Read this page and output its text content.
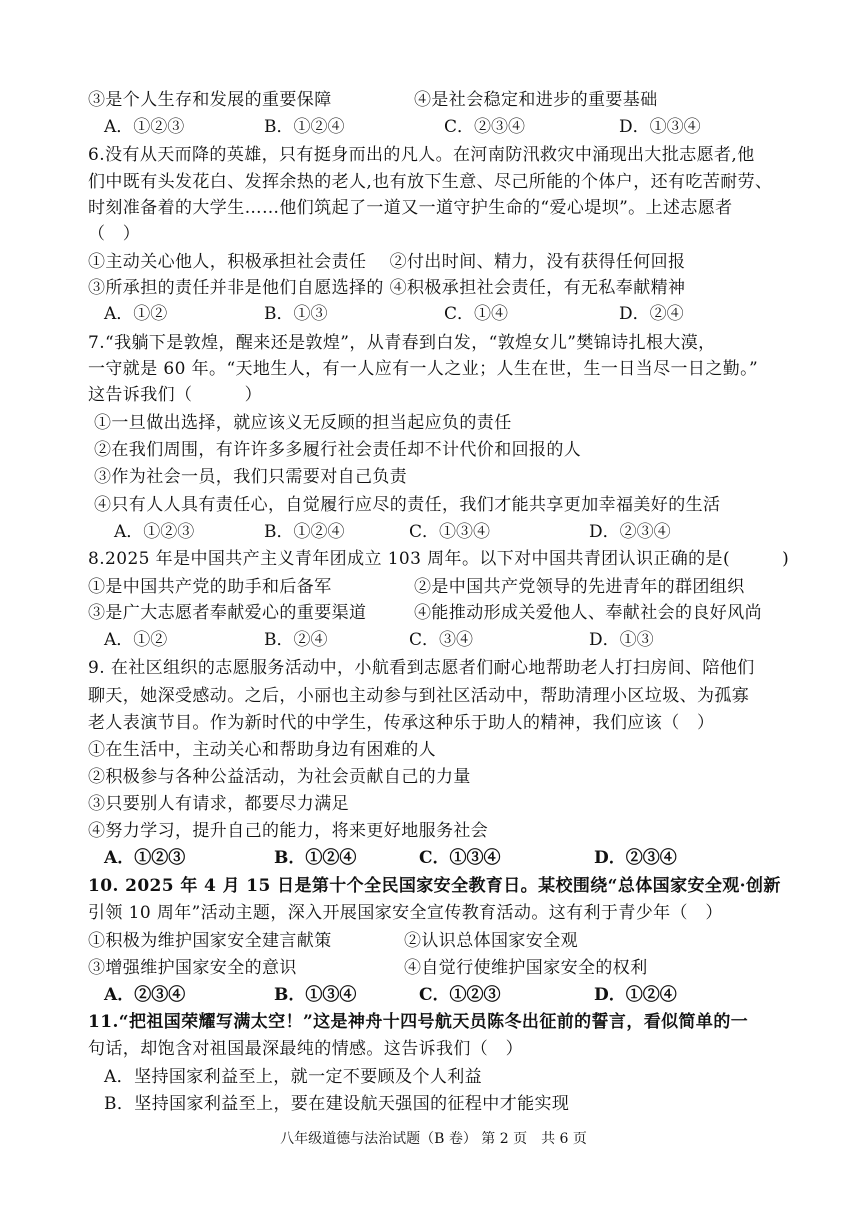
③是个人生存和发展的重要保障	④是社会稳定和进步的重要基础
A．①②③	B．①②④	C．②③④	D．①③④
6.没有从天而降的英雄，只有挺身而出的凡人。在河南防汛救灾中涌现出大批志愿者,他
们中既有头发花白、发挥余热的老人,也有放下生意、尽己所能的个体户，还有吃苦耐劳、
时刻准备着的大学生……他们筑起了一道又一道守护生命的“爱心堤坝”。上述志愿者
（　）
①主动关心他人，积极承担社会责任　 ②付出时间、精力，没有获得任何回报
③所承担的责任并非是他们自愿选择的 ④积极承担社会责任，有无私奉献精神
A．①②	B．①③	C．①④	D．②④
7.“我躺下是敦煌，醒来还是敦煌”，从青春到白发，“敦煌女儿”樊锦诗扎根大漠，
一守就是 60 年。“天地生人，有一人应有一人之业；人生在世，生一日当尽一日之勤。”
这告诉我们（　　　）
①一旦做出选择，就应该义无反顾的担当起应负的责任
②在我们周围，有许许多多履行社会责任却不计代价和回报的人
③作为社会一员，我们只需要对自己负责
④只有人人具有责任心，自觉履行应尽的责任，我们才能共享更加幸福美好的生活
A．①②③	B．①②④	C．①③④	D．②③④
8.2025 年是中国共产主义青年团成立 103 周年。以下对中国共青团认识正确的是(　　　)
①是中国共产党的助手和后备军	②是中国共产党领导的先进青年的群团组织
③是广大志愿者奉献爱心的重要渠道	④能推动形成关爱他人、奉献社会的良好风尚
A．①②	B．②④	C．③④	D．①③
9. 在社区组织的志愿服务活动中，小航看到志愿者们耐心地帮助老人打扫房间、陪他们
聊天，她深受感动。之后，小丽也主动参与到社区活动中，帮助清理小区垃圾、为孤寡
老人表演节目。作为新时代的中学生，传承这种乐于助人的精神，我们应该（　）
①在生活中，主动关心和帮助身边有困难的人
②积极参与各种公益活动，为社会贡献自己的力量
③只要别人有请求，都要尽力满足
④努力学习，提升自己的能力，将来更好地服务社会
A．①②③	B．①②④	C．①③④	D．②③④
10. 2025 年 4 月 15 日是第十个全民国家安全教育日。某校围绕“总体国家安全观·创新
引领 10 周年”活动主题，深入开展国家安全宣传教育活动。这有利于青少年（　）
①积极为维护国家安全建言献策	②认识总体国家安全观
③增强维护国家安全的意识	④自觉行使维护国家安全的权利
A．②③④	B．①③④	C．①②③	D．①②④
11.“把祖国荣耀写满太空！”这是神舟十四号航天员陈冬出征前的誓言，看似简单的一
句话，却饱含对祖国最深最纯的情感。这告诉我们（　）
A．坚持国家利益至上，就一定不要顾及个人利益
B．坚持国家利益至上，要在建设航天强国的征程中才能实现
八年级道德与法治试题（B 卷） 第 2 页　共 6 页
